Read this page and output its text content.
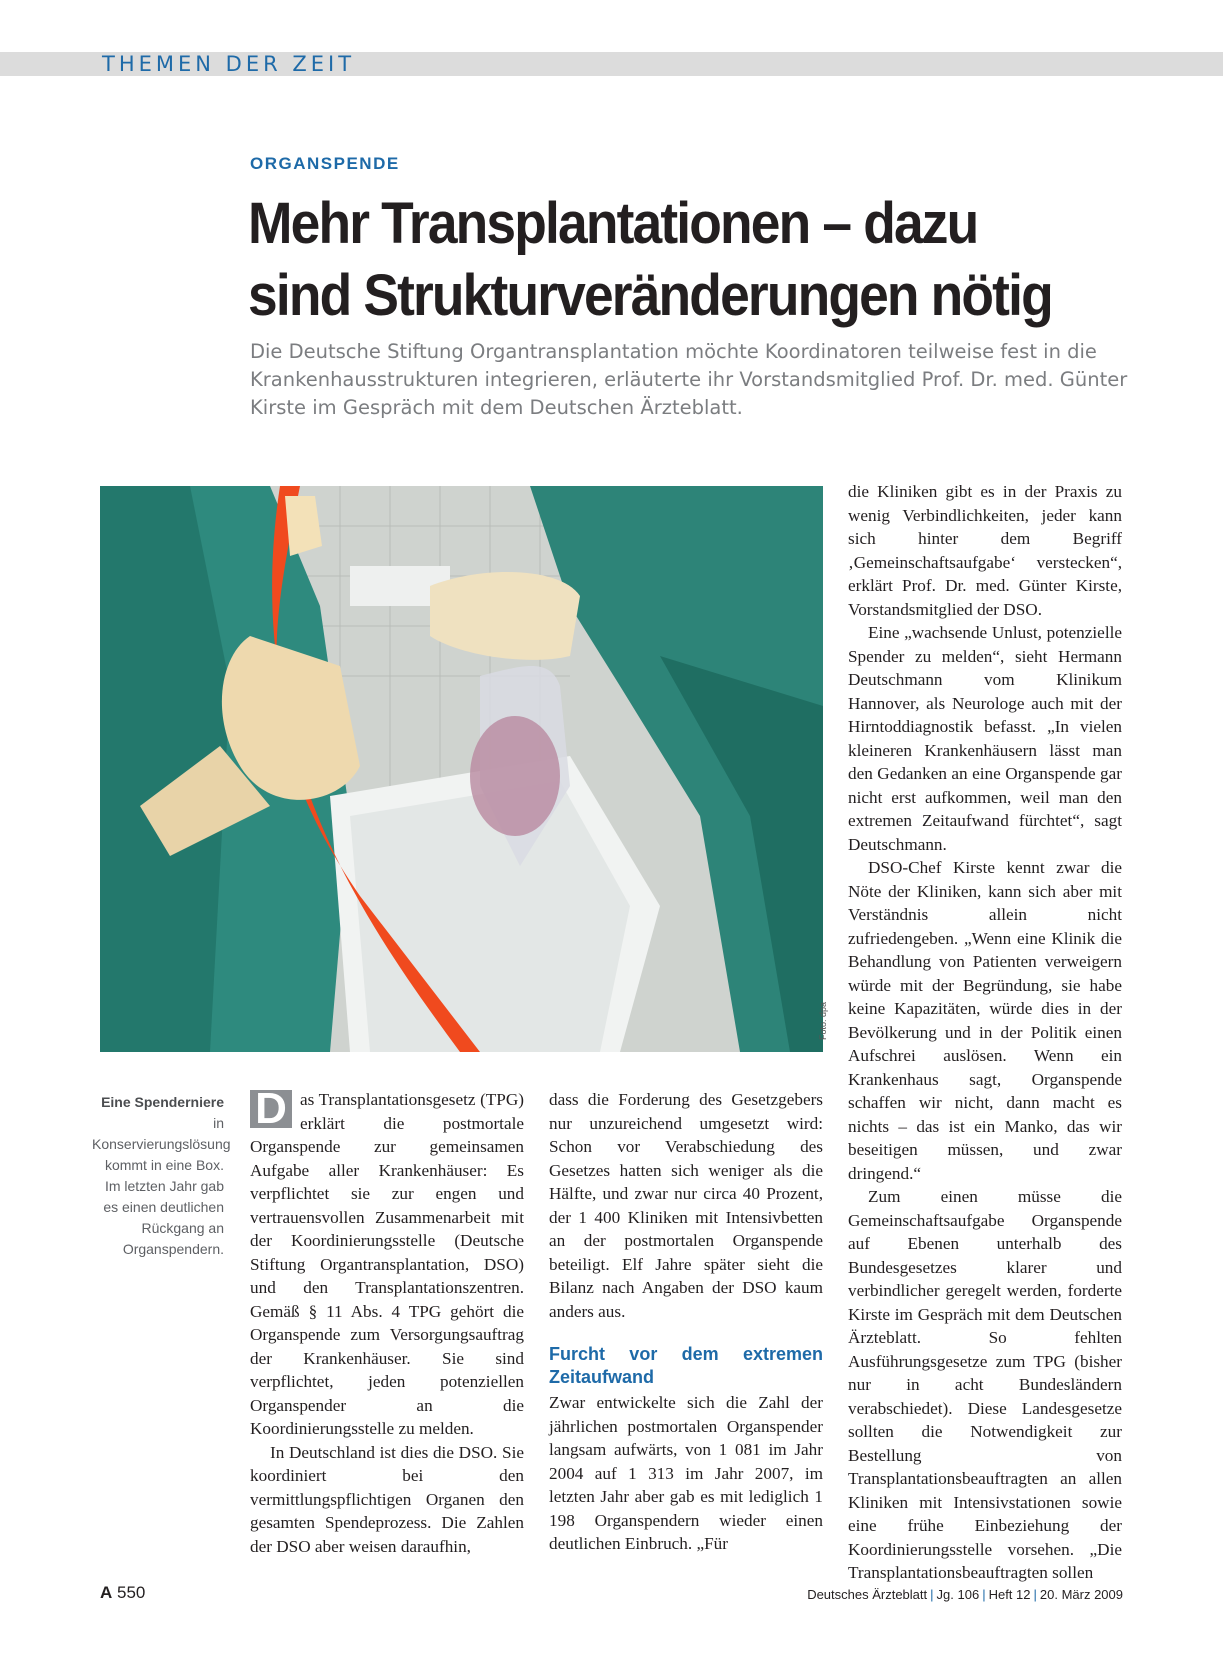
THEMEN DER ZEIT
ORGANSPENDE
Mehr Transplantationen – dazu sind Strukturveränderungen nötig

Die Deutsche Stiftung Organtransplantation möchte Koordinatoren teilweise fest in die Krankenhausstrukturen integrieren, erläuterte ihr Vorstandsmitglied Prof. Dr. med. Günter Kirste im Gespräch mit dem Deutschen Ärzteblatt.

Foto: dpa
Eine Spenderniere
in Konservierungslösung kommt in eine Box. Im letzten Jahr gab es einen deutlichen Rückgang an Organspendern.

D as Transplantationsgesetz (TPG) erklärt die postmortale Organspende zur gemeinsamen Aufgabe aller Krankenhäuser: Es verpflichtet sie zur engen und vertrauensvollen Zusammenarbeit mit der Koordinierungsstelle (Deutsche Stiftung Organtransplantation, DSO) und den Transplantationszentren. Gemäß § 11 Abs. 4 TPG gehört die Organspende zum Versorgungsauftrag der Krankenhäuser. Sie sind verpflichtet, jeden potenziellen Organspender an die Koordinierungsstelle zu melden.

In Deutschland ist dies die DSO. Sie koordiniert bei den vermittlungspflichtigen Organen den gesamten Spendeprozess. Die Zahlen der DSO aber weisen daraufhin,

dass die Forderung des Gesetzgebers nur unzureichend umgesetzt wird: Schon vor Verabschiedung des Gesetzes hatten sich weniger als die Hälfte, und zwar nur circa 40 Prozent, der 1 400 Kliniken mit Intensivbetten an der postmortalen Organspende beteiligt. Elf Jahre später sieht die Bilanz nach Angaben der DSO kaum anders aus.

Furcht vor dem extremen Zeitaufwand

Zwar entwickelte sich die Zahl der jährlichen postmortalen Organspender langsam aufwärts, von 1 081 im Jahr 2004 auf 1 313 im Jahr 2007, im letzten Jahr aber gab es mit lediglich 1 198 Organspendern wieder einen deutlichen Einbruch. „Für

die Kliniken gibt es in der Praxis zu wenig Verbindlichkeiten, jeder kann sich hinter dem Begriff ‚Gemeinschaftsaufgabe‘ verstecken“, erklärt Prof. Dr. med. Günter Kirste, Vorstandsmitglied der DSO.

Eine „wachsende Unlust, potenzielle Spender zu melden“, sieht Hermann Deutschmann vom Klinikum Hannover, als Neurologe auch mit der Hirntoddiagnostik befasst. „In vielen kleineren Krankenhäusern lässt man den Gedanken an eine Organspende gar nicht erst aufkommen, weil man den extremen Zeitaufwand fürchtet“, sagt Deutschmann.

DSO-Chef Kirste kennt zwar die Nöte der Kliniken, kann sich aber mit Verständnis allein nicht zufriedengeben. „Wenn eine Klinik die Behandlung von Patienten verweigern würde mit der Begründung, sie habe keine Kapazitäten, würde dies in der Bevölkerung und in der Politik einen Aufschrei auslösen. Wenn ein Krankenhaus sagt, Organspende schaffen wir nicht, dann macht es nichts – das ist ein Manko, das wir beseitigen müssen, und zwar dringend.“

Zum einen müsse die Gemeinschaftsaufgabe Organspende auf Ebenen unterhalb des Bundesgesetzes klarer und verbindlicher geregelt werden, forderte Kirste im Gespräch mit dem Deutschen Ärzteblatt. So fehlten Ausführungsgesetze zum TPG (bisher nur in acht Bundesländern verabschiedet). Diese Landesgesetze sollten die Notwendigkeit zur Bestellung von Transplantationsbeauftragten an allen Kliniken mit Intensivstationen sowie eine frühe Einbeziehung der Koordinierungsstelle vorsehen. „Die Transplantationsbeauftragten sollen

A 550	Deutsches Ärzteblatt | Jg. 106 | Heft 12 | 20. März 2009
